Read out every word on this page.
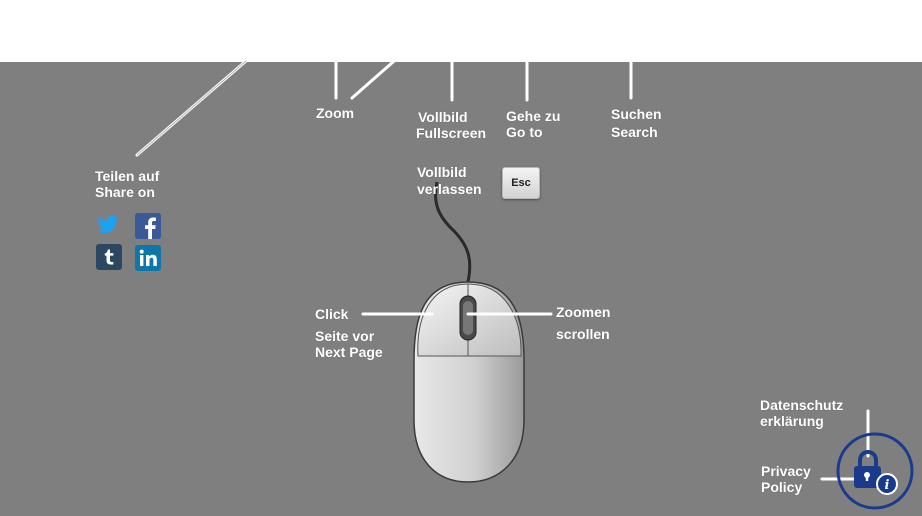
Zoom	Vollbild
Fullscreen
Gehe zu
Go to
Suchen
Search
Teilen auf
Share on
Vollbild
verlassen	Esc
Click
Seite vor
Next Page
Zoomen
scrollen
Datenschutz
erklärung
Privacy
Policy	i
